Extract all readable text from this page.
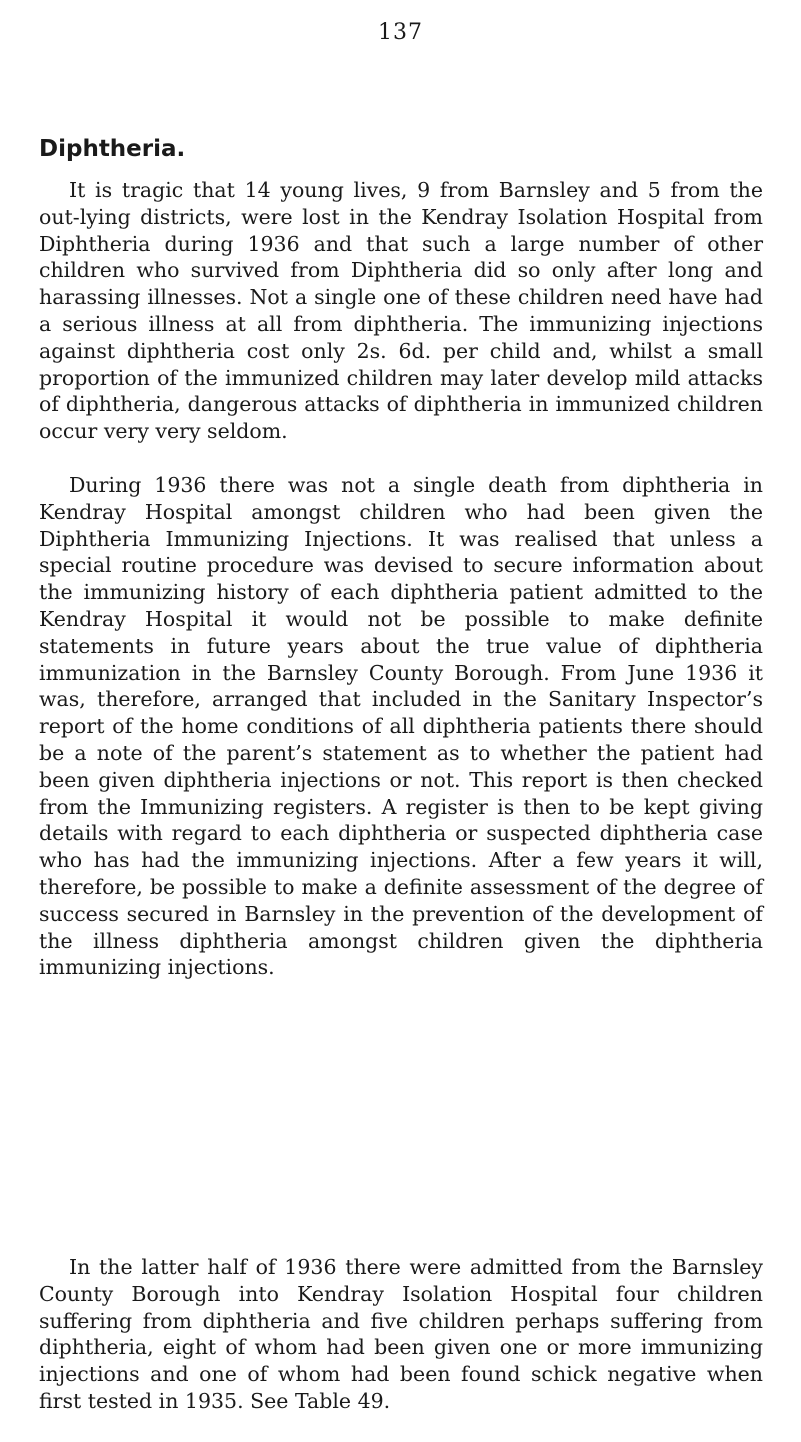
137
Diphtheria.

It is tragic that 14 young lives, 9 from Barnsley and 5 from the out-lying districts, were lost in the Kendray Isolation Hospital from Diphtheria during 1936 and that such a large number of other children who survived from Diphtheria did so only after long and harassing illnesses. Not a single one of these children need have had a serious illness at all from diphtheria. The immunizing injections against diphtheria cost only 2s. 6d. per child and, whilst a small proportion of the immunized children may later develop mild attacks of diphtheria, dangerous attacks of diphtheria in immunized children occur very very seldom.

During 1936 there was not a single death from diphtheria in Kendray Hospital amongst children who had been given the Diphtheria Immunizing Injections. It was realised that unless a special routine procedure was devised to secure information about the immunizing history of each diphtheria patient admitted to the Kendray Hospital it would not be possible to make definite statements in future years about the true value of diphtheria immunization in the Barnsley County Borough. From June 1936 it was, therefore, arranged that included in the Sanitary Inspector’s report of the home conditions of all diphtheria patients there should be a note of the parent’s statement as to whether the patient had been given diphtheria injections or not. This report is then checked from the Immunizing registers. A register is then to be kept giving details with regard to each diphtheria or suspected diphtheria case who has had the immunizing injections. After a few years it will, therefore, be possible to make a definite assessment of the degree of success secured in Barnsley in the prevention of the development of the illness diphtheria amongst children given the diphtheria immunizing injections.

In the latter half of 1936 there were admitted from the Barnsley County Borough into Kendray Isolation Hospital four children suffering from diphtheria and five children perhaps suffering from diphtheria, eight of whom had been given one or more immunizing injections and one of whom had been found schick negative when first tested in 1935. See Table 49.
